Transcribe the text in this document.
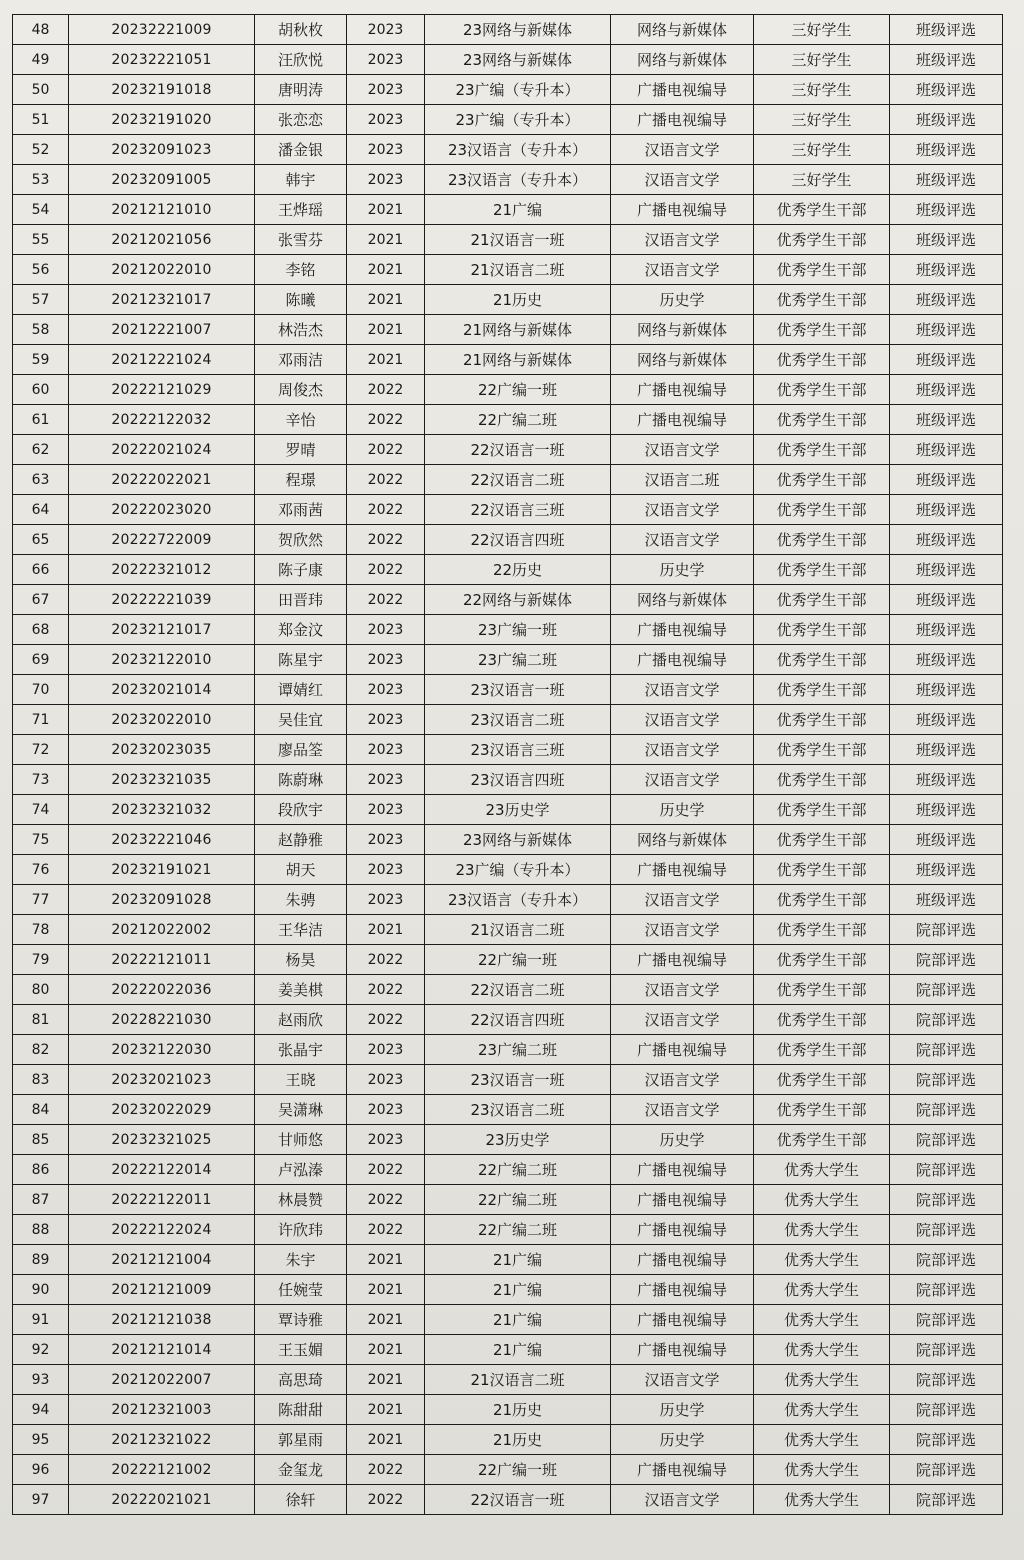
48	20232221009	胡秋枚	2023	23网络与新媒体	网络与新媒体	三好学生	班级评选
49	20232221051	汪欣悦	2023	23网络与新媒体	网络与新媒体	三好学生	班级评选
50	20232191018	唐明涛	2023	23广编（专升本）	广播电视编导	三好学生	班级评选
51	20232191020	张恋恋	2023	23广编（专升本）	广播电视编导	三好学生	班级评选
52	20232091023	潘金银	2023	23汉语言（专升本）	汉语言文学	三好学生	班级评选
53	20232091005	韩宇	2023	23汉语言（专升本）	汉语言文学	三好学生	班级评选
54	20212121010	王烨瑶	2021	21广编	广播电视编导	优秀学生干部	班级评选
55	20212021056	张雪芬	2021	21汉语言一班	汉语言文学	优秀学生干部	班级评选
56	20212022010	李铭	2021	21汉语言二班	汉语言文学	优秀学生干部	班级评选
57	20212321017	陈曦	2021	21历史	历史学	优秀学生干部	班级评选
58	20212221007	林浩杰	2021	21网络与新媒体	网络与新媒体	优秀学生干部	班级评选
59	20212221024	邓雨洁	2021	21网络与新媒体	网络与新媒体	优秀学生干部	班级评选
60	20222121029	周俊杰	2022	22广编一班	广播电视编导	优秀学生干部	班级评选
61	20222122032	辛怡	2022	22广编二班	广播电视编导	优秀学生干部	班级评选
62	20222021024	罗晴	2022	22汉语言一班	汉语言文学	优秀学生干部	班级评选
63	20222022021	程璟	2022	22汉语言二班	汉语言二班	优秀学生干部	班级评选
64	20222023020	邓雨茜	2022	22汉语言三班	汉语言文学	优秀学生干部	班级评选
65	20222722009	贺欣然	2022	22汉语言四班	汉语言文学	优秀学生干部	班级评选
66	20222321012	陈子康	2022	22历史	历史学	优秀学生干部	班级评选
67	20222221039	田晋玮	2022	22网络与新媒体	网络与新媒体	优秀学生干部	班级评选
68	20232121017	郑金汶	2023	23广编一班	广播电视编导	优秀学生干部	班级评选
69	20232122010	陈星宇	2023	23广编二班	广播电视编导	优秀学生干部	班级评选
70	20232021014	谭婧红	2023	23汉语言一班	汉语言文学	优秀学生干部	班级评选
71	20232022010	吴佳宜	2023	23汉语言二班	汉语言文学	优秀学生干部	班级评选
72	20232023035	廖品筌	2023	23汉语言三班	汉语言文学	优秀学生干部	班级评选
73	20232321035	陈蔚琳	2023	23汉语言四班	汉语言文学	优秀学生干部	班级评选
74	20232321032	段欣宇	2023	23历史学	历史学	优秀学生干部	班级评选
75	20232221046	赵静雅	2023	23网络与新媒体	网络与新媒体	优秀学生干部	班级评选
76	20232191021	胡天	2023	23广编（专升本）	广播电视编导	优秀学生干部	班级评选
77	20232091028	朱骋	2023	23汉语言（专升本）	汉语言文学	优秀学生干部	班级评选
78	20212022002	王华洁	2021	21汉语言二班	汉语言文学	优秀学生干部	院部评选
79	20222121011	杨昊	2022	22广编一班	广播电视编导	优秀学生干部	院部评选
80	20222022036	姜美棋	2022	22汉语言二班	汉语言文学	优秀学生干部	院部评选
81	20228221030	赵雨欣	2022	22汉语言四班	汉语言文学	优秀学生干部	院部评选
82	20232122030	张晶宇	2023	23广编二班	广播电视编导	优秀学生干部	院部评选
83	20232021023	王晓	2023	23汉语言一班	汉语言文学	优秀学生干部	院部评选
84	20232022029	吴潇琳	2023	23汉语言二班	汉语言文学	优秀学生干部	院部评选
85	20232321025	甘师悠	2023	23历史学	历史学	优秀学生干部	院部评选
86	20222122014	卢泓溱	2022	22广编二班	广播电视编导	优秀大学生	院部评选
87	20222122011	林晨赞	2022	22广编二班	广播电视编导	优秀大学生	院部评选
88	20222122024	许欣玮	2022	22广编二班	广播电视编导	优秀大学生	院部评选
89	20212121004	朱宇	2021	21广编	广播电视编导	优秀大学生	院部评选
90	20212121009	任婉莹	2021	21广编	广播电视编导	优秀大学生	院部评选
91	20212121038	覃诗雅	2021	21广编	广播电视编导	优秀大学生	院部评选
92	20212121014	王玉媚	2021	21广编	广播电视编导	优秀大学生	院部评选
93	20212022007	高思琦	2021	21汉语言二班	汉语言文学	优秀大学生	院部评选
94	20212321003	陈甜甜	2021	21历史	历史学	优秀大学生	院部评选
95	20212321022	郭星雨	2021	21历史	历史学	优秀大学生	院部评选
96	20222121002	金玺龙	2022	22广编一班	广播电视编导	优秀大学生	院部评选
97	20222021021	徐轩	2022	22汉语言一班	汉语言文学	优秀大学生	院部评选
